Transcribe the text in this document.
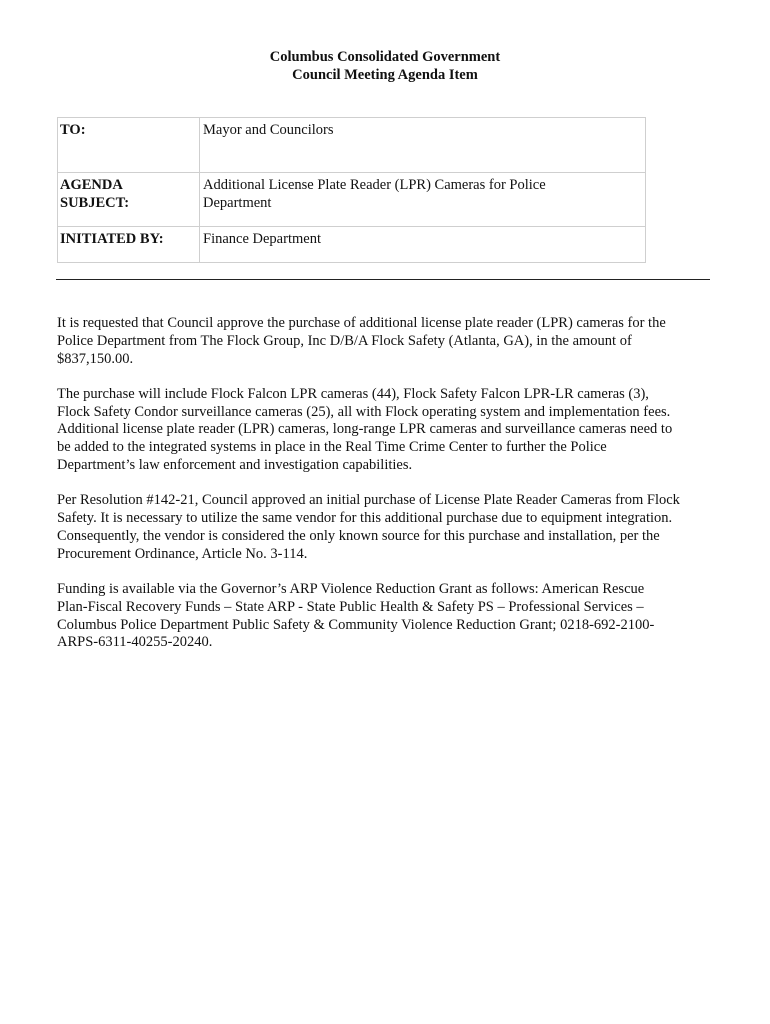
Columbus Consolidated Government
Council Meeting Agenda Item
TO:	Mayor and Councilors

AGENDA
SUBJECT:	Additional License Plate Reader (LPR) Cameras for Police
Department

INITIATED BY:	Finance Department

It is requested that Council approve the purchase of additional license plate reader (LPR) cameras for the
Police Department from The Flock Group, Inc D/B/A Flock Safety (Atlanta, GA), in the amount of
$837,150.00.

The purchase will include Flock Falcon LPR cameras (44), Flock Safety Falcon LPR-LR cameras (3),
Flock Safety Condor surveillance cameras (25), all with Flock operating system and implementation fees.
Additional license plate reader (LPR) cameras, long-range LPR cameras and surveillance cameras need to
be added to the integrated systems in place in the Real Time Crime Center to further the Police
Department’s law enforcement and investigation capabilities.

Per Resolution #142-21, Council approved an initial purchase of License Plate Reader Cameras from Flock
Safety. It is necessary to utilize the same vendor for this additional purchase due to equipment integration.
Consequently, the vendor is considered the only known source for this purchase and installation, per the
Procurement Ordinance, Article No. 3-114.

Funding is available via the Governor’s ARP Violence Reduction Grant as follows: American Rescue
Plan-Fiscal Recovery Funds – State ARP - State Public Health & Safety PS – Professional Services –
Columbus Police Department Public Safety & Community Violence Reduction Grant; 0218-692-2100-
ARPS-6311-40255-20240.
